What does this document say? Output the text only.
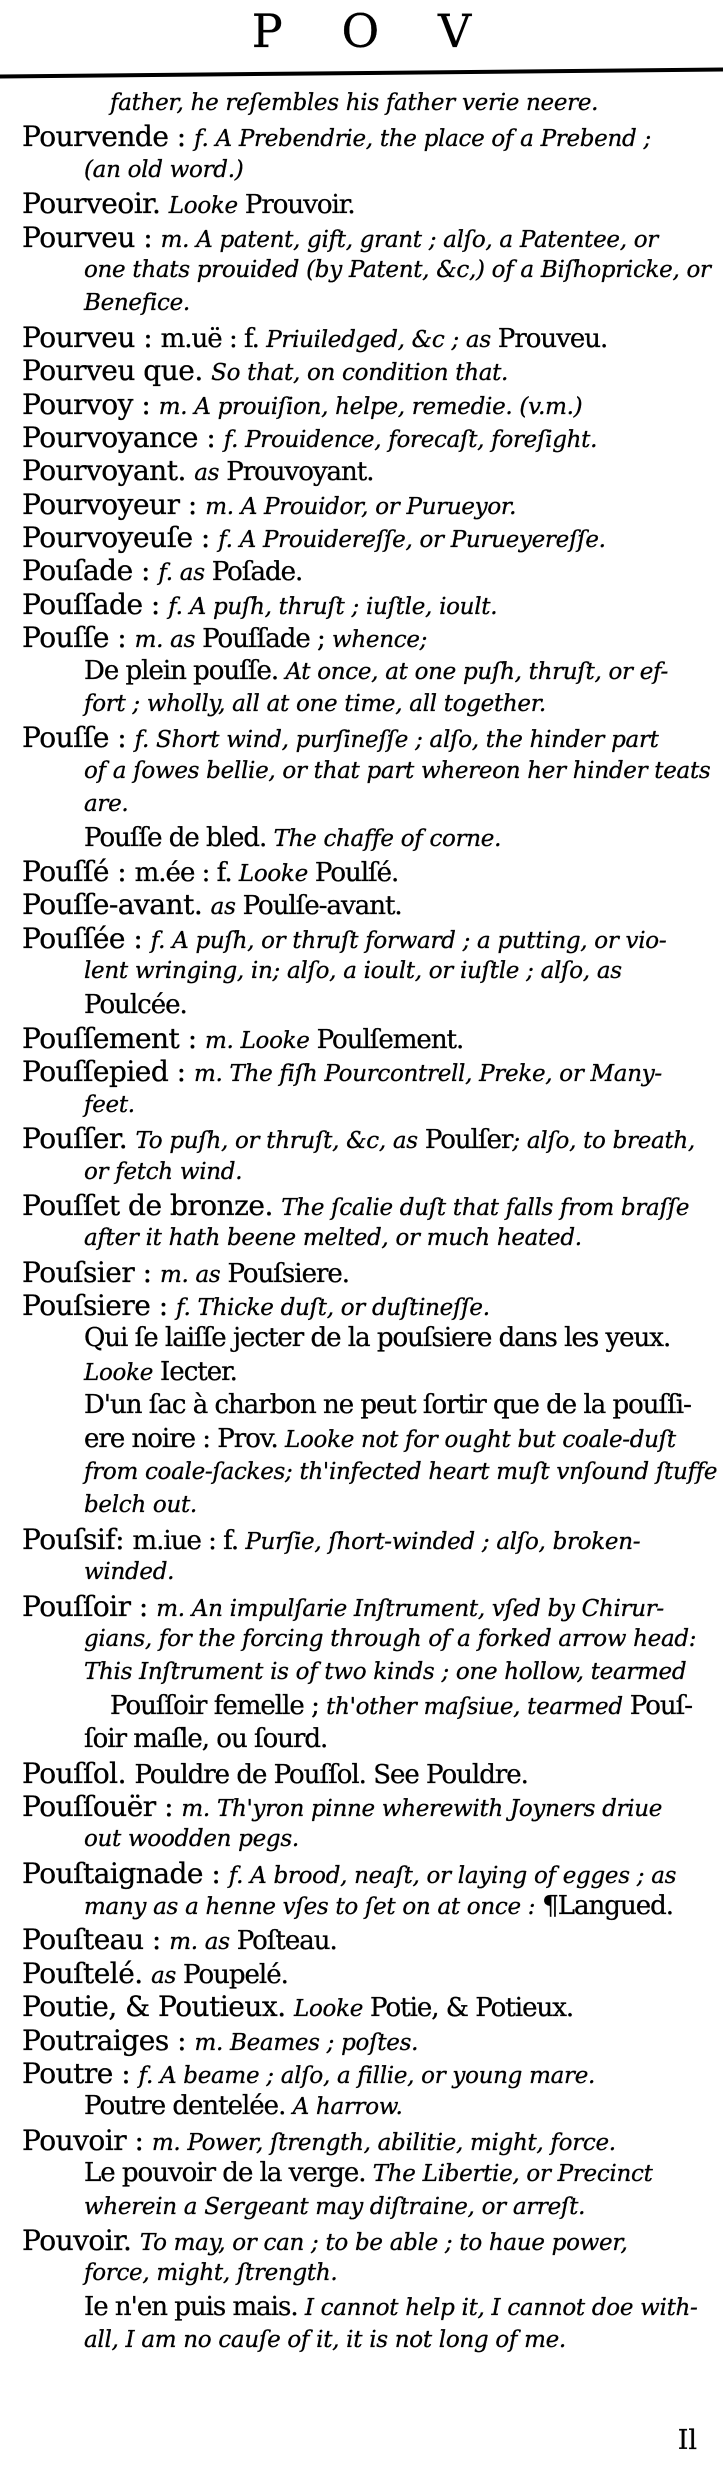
P O V
father, he reſembles his father verie neere.
Pourvende : f. A Prebendrie, the place of a Prebend ;
(an old word.)
Pourveoir. Looke Prouvoir.
Pourveu : m. A patent, gift, grant ; alſo, a Patentee, or
one thats prouided (by Patent, &c,) of a Biſhopricke, or
Benefice.
Pourveu : m.uë : f. Priuiledged, &c ; as Prouveu.
Pourveu que. So that, on condition that.
Pourvoy : m. A prouiſion, helpe, remedie. (v.m.)
Pourvoyance : f. Prouidence, forecaſt, foreſight.
Pourvoyant. as Prouvoyant.
Pourvoyeur : m. A Prouidor, or Purueyor.
Pourvoyeuſe : f. A Prouidereſſe, or Purueyereſſe.
Pouſade : f. as Poſade.
Pouſſade : f. A puſh, thruſt ; iuſtle, ioult.
Pouſſe : m. as Pouſſade ; whence;
De plein pouſſe. At once, at one puſh, thruſt, or ef-
fort ; wholly, all at one time, all together.
Pouſſe : f. Short wind, purſineſſe ; alſo, the hinder part
of a ſowes bellie, or that part whereon her hinder teats
are.
Pouſſe de bled. The chaffe of corne.
Pouſſé : m.ée : f. Looke Poulſé.
Pouſſe-avant. as Poulſe-avant.
Pouſſée : f. A puſh, or thruſt forward ; a putting, or vio-
lent wringing, in; alſo, a ioult, or iuſtle ; alſo, as
Poulcée.
Pouſſement : m. Looke Poulſement.
Pouſſepied : m. The fiſh Pourcontrell, Preke, or Many-
feet.
Pouſſer. To puſh, or thruſt, &c, as Poulſer; alſo, to breath,
or fetch wind.
Pouſſet de bronze. The ſcalie duſt that falls from braſſe
after it hath beene melted, or much heated.
Pouſsier : m. as Pouſsiere.
Pouſsiere : f. Thicke duſt, or duſtineſſe.
Qui ſe laiſſe jecter de la pouſsiere dans les yeux.
Looke Iecter.
D'un ſac à charbon ne peut ſortir que de la pouſſi-
ere noire : Prov. Looke not for ought but coale-duſt
from coale-ſackes; th'infected heart muſt vnſound ſtuffe
belch out.
Pouſsif: m.iue : f. Purſie, ſhort-winded ; alſo, broken-
winded.
Pouſſoir : m. An impulſarie Inſtrument, vſed by Chirur-
gians, for the forcing through of a forked arrow head:
This Inſtrument is of two kinds ; one hollow, tearmed
Pouſſoir femelle ; th'other maſsiue, tearmed Pouſ-
ſoir maſle, ou ſourd.
Pouſſol. Pouldre de Pouſſol. See Pouldre.
Pouſſouër : m. Th'yron pinne wherewith Joyners driue
out woodden pegs.
Pouſtaignade : f. A brood, neaſt, or laying of egges ; as
many as a henne vſes to ſet on at once : ¶Langued.
Pouſteau : m. as Poſteau.
Pouſtelé. as Poupelé.
Poutie, & Poutieux. Looke Potie, & Potieux.
Poutraiges : m. Beames ; poſtes.
Poutre : f. A beame ; alſo, a fillie, or young mare.
Poutre dentelée. A harrow.
Pouvoir : m. Power, ſtrength, abilitie, might, force.
Le pouvoir de la verge. The Libertie, or Precinct
wherein a Sergeant may diſtraine, or arreſt.
Pouvoir. To may, or can ; to be able ; to haue power,
force, might, ſtrength.
Ie n'en puis mais. I cannot help it, I cannot doe with-
all, I am no cauſe of it, it is not long of me.
Il
